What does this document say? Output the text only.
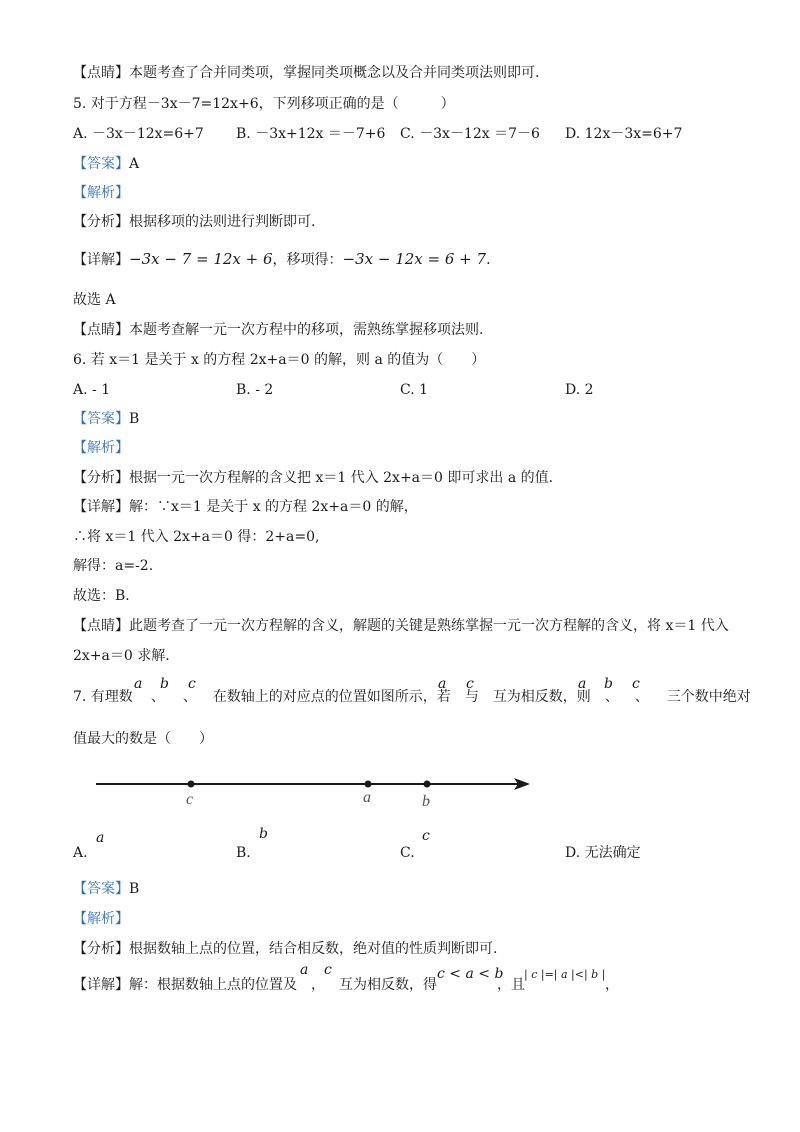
【点睛】本题考查了合并同类项，掌握同类项概念以及合并同类项法则即可.
5. 对于方程－3x－7=12x+6，下列移项正确的是（　　　）
A. －3x－12x=6+7 B. －3x+12x ＝－7+6 C. －3x－12x ＝7－6 D. 12x－3x=6+7
【答案】A
【解析】
【分析】根据移项的法则进行判断即可.
【详解】−3x − 7 = 12x + 6，移项得：−3x − 12x = 6 + 7.
故选 A
【点睛】本题考查解一元一次方程中的移项，需熟练掌握移项法则.
6. 若 x＝1 是关于 x 的方程 2x+a＝0 的解，则 a 的值为（　　）
A. ‐ 1	B. ‐ 2	C. 1	D. 2
【答案】B
【解析】
【分析】根据一元一次方程解的含义把 x＝1 代入 2x+a＝0 即可求出 a 的值.
【详解】解：∵x＝1 是关于 x 的方程 2x+a＝0 的解，
∴将 x＝1 代入 2x+a＝0 得：2+a=0,
解得：a=-2.
故选：B．
【点睛】此题考查了一元一次方程解的含义，解题的关键是熟练掌握一元一次方程解的含义，将 x＝1 代入
2x+a＝0 求解.
7. 有理数 、 、 在数轴上的对应点的位置如图所示，若 与 互为相反数，则 、 、 三个数中绝对
a b c	a c	a b c
值最大的数是（　　）
c	a	b
A.
a
B.
b
C.
c
D. 无法确定
【答案】B
【解析】
【分析】根据数轴上点的位置，结合相反数，绝对值的性质判断即可.
【详解】解：根据数轴上点的位置及 ， 互为相反数，得	，且	，
a c	c < a < b | c |=| a |<| b |
